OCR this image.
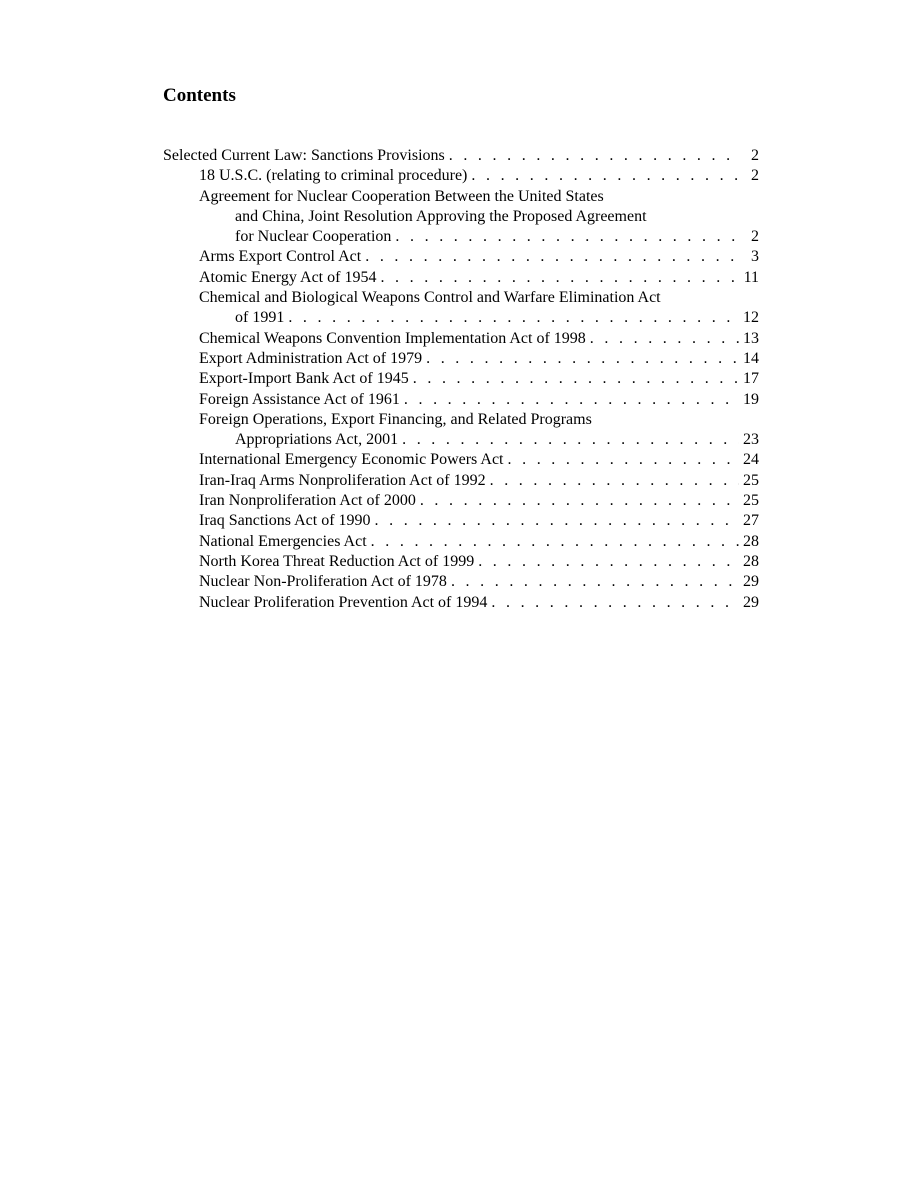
Contents
Selected Current Law: Sanctions Provisions . . .	2
18 U.S.C. (relating to criminal procedure) . . .	2
Agreement for Nuclear Cooperation Between the United States
and China, Joint Resolution Approving the Proposed Agreement
for Nuclear Cooperation . . .	2
Arms Export Control Act . . .	3
Atomic Energy Act of 1954 . . .	11
Chemical and Biological Weapons Control and Warfare Elimination Act
of 1991 . . .	12
Chemical Weapons Convention Implementation Act of 1998 . . .	13
Export Administration Act of 1979 . . .	14
Export-Import Bank Act of 1945 . . .	17
Foreign Assistance Act of 1961 . . .	19
Foreign Operations, Export Financing, and Related Programs
Appropriations Act, 2001 . . .	23
International Emergency Economic Powers Act . . .	24
Iran-Iraq Arms Nonproliferation Act of 1992 . . .	25
Iran Nonproliferation Act of 2000 . . .	25
Iraq Sanctions Act of 1990 . . .	27
National Emergencies Act . . .	28
North Korea Threat Reduction Act of 1999 . . .	28
Nuclear Non-Proliferation Act of 1978 . . .	29
Nuclear Proliferation Prevention Act of 1994 . . .	29
